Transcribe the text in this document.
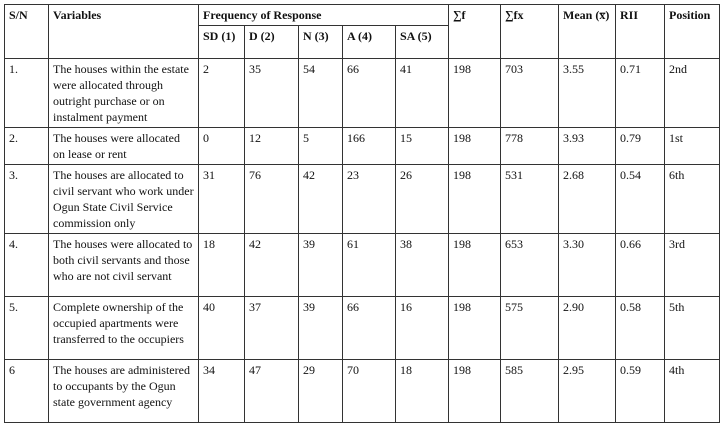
S/N	Variables	Frequency of Response					∑f	∑fx	Mean (x̅)	RII	Position
		SD (1)	D (2)	N (3)	A (4)	SA (5)					
1.	The houses within the estate were allocated through outright purchase or on instalment payment	2	35	54	66	41	198	703	3.55	0.71	2nd
2.	The houses were allocated on lease or rent	0	12	5	166	15	198	778	3.93	0.79	1st
3.	The houses are allocated to civil servant who work under Ogun State Civil Service commission only	31	76	42	23	26	198	531	2.68	0.54	6th
4.	The houses were allocated to both civil servants and those who are not civil servant	18	42	39	61	38	198	653	3.30	0.66	3rd
5.	Complete ownership of the occupied apartments were transferred to the occupiers	40	37	39	66	16	198	575	2.90	0.58	5th
6	The houses are administered to occupants by the Ogun state government agency	34	47	29	70	18	198	585	2.95	0.59	4th
